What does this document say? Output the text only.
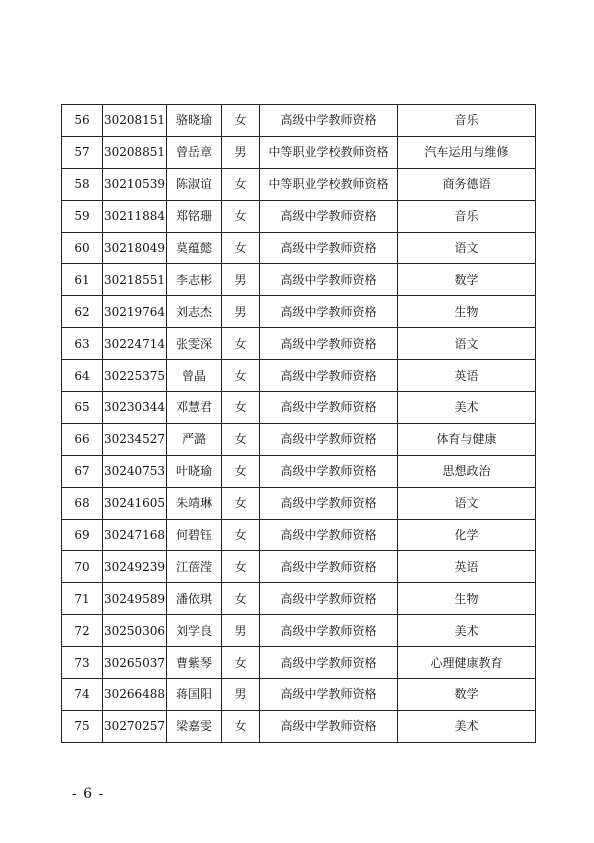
56	30208151	骆晓瑜	女	高级中学教师资格	音乐
57	30208851	曾岳章	男	中等职业学校教师资格	汽车运用与维修
58	30210539	陈淑谊	女	中等职业学校教师资格	商务德语
59	30211884	郑铭珊	女	高级中学教师资格	音乐
60	30218049	莫蕴懿	女	高级中学教师资格	语文
61	30218551	李志彬	男	高级中学教师资格	数学
62	30219764	刘志杰	男	高级中学教师资格	生物
63	30224714	张雯深	女	高级中学教师资格	语文
64	30225375	曾晶	女	高级中学教师资格	英语
65	30230344	邓慧君	女	高级中学教师资格	美术
66	30234527	严潞	女	高级中学教师资格	体育与健康
67	30240753	叶晓瑜	女	高级中学教师资格	思想政治
68	30241605	朱靖琳	女	高级中学教师资格	语文
69	30247168	何碧钰	女	高级中学教师资格	化学
70	30249239	江蓓滢	女	高级中学教师资格	英语
71	30249589	潘依琪	女	高级中学教师资格	生物
72	30250306	刘学良	男	高级中学教师资格	美术
73	30265037	曹紫琴	女	高级中学教师资格	心理健康教育
74	30266488	蒋国阳	男	高级中学教师资格	数学
75	30270257	梁嘉雯	女	高级中学教师资格	美术
- 6 -
